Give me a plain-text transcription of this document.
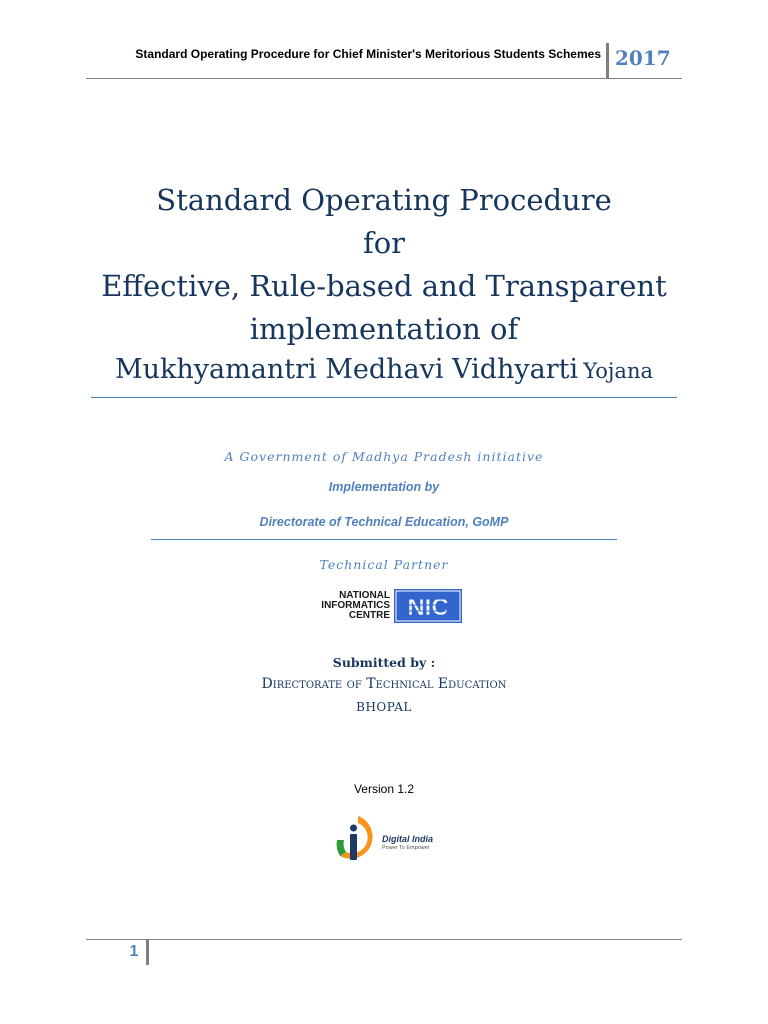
Standard Operating Procedure for Chief Minister's Meritorious Students Schemes 2017
Standard Operating Procedure
for
Effective, Rule-based and Transparent
implementation of
Mukhyamantri Medhavi Vidhyarti Yojana
A Government of Madhya Pradesh initiative
Implementation by
Directorate of Technical Education, GoMP
Technical Partner
NATIONAL
INFORMATICS
CENTRE NIC
Submitted by :
Directorate of Technical Education
BHOPAL
Version 1.2
Digital India
Power To Empower
1
